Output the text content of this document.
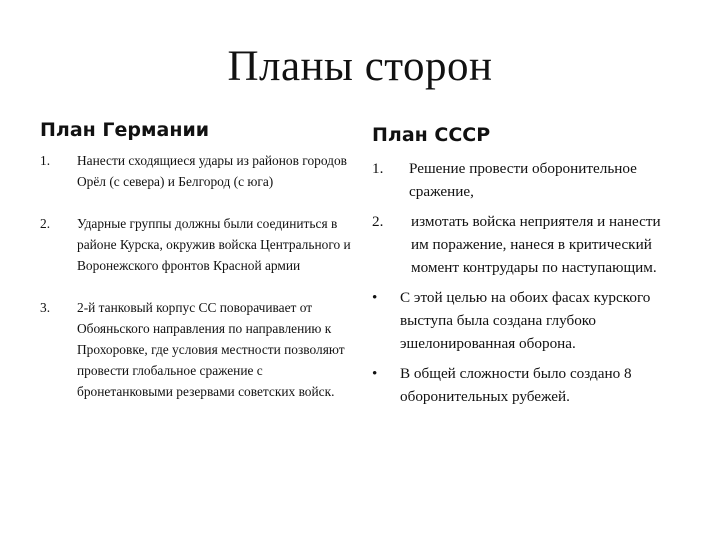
Планы сторон
План Германии
1.	Нанести сходящиеся удары из районов городов Орёл (с севера) и Белгород (с юга)
2.	Ударные группы должны были соединиться в районе Курска, окружив войска Центрального и Воронежского фронтов Красной армии
3.	2-й танковый корпус СС поворачивает от Обояньского направления по направлению к Прохоровке, где условия местности позволяют провести глобальное сражение с бронетанковыми резервами советских войск.
План СССР
1.	Решение провести оборонительное сражение,
2.	измотать войска неприятеля и нанести им поражение, нанеся в критический момент контрудары по наступающим.
•	С этой целью на обоих фасах курского выступа была создана глубоко эшелонированная оборона.
•	В общей сложности было создано 8 оборонительных рубежей.
